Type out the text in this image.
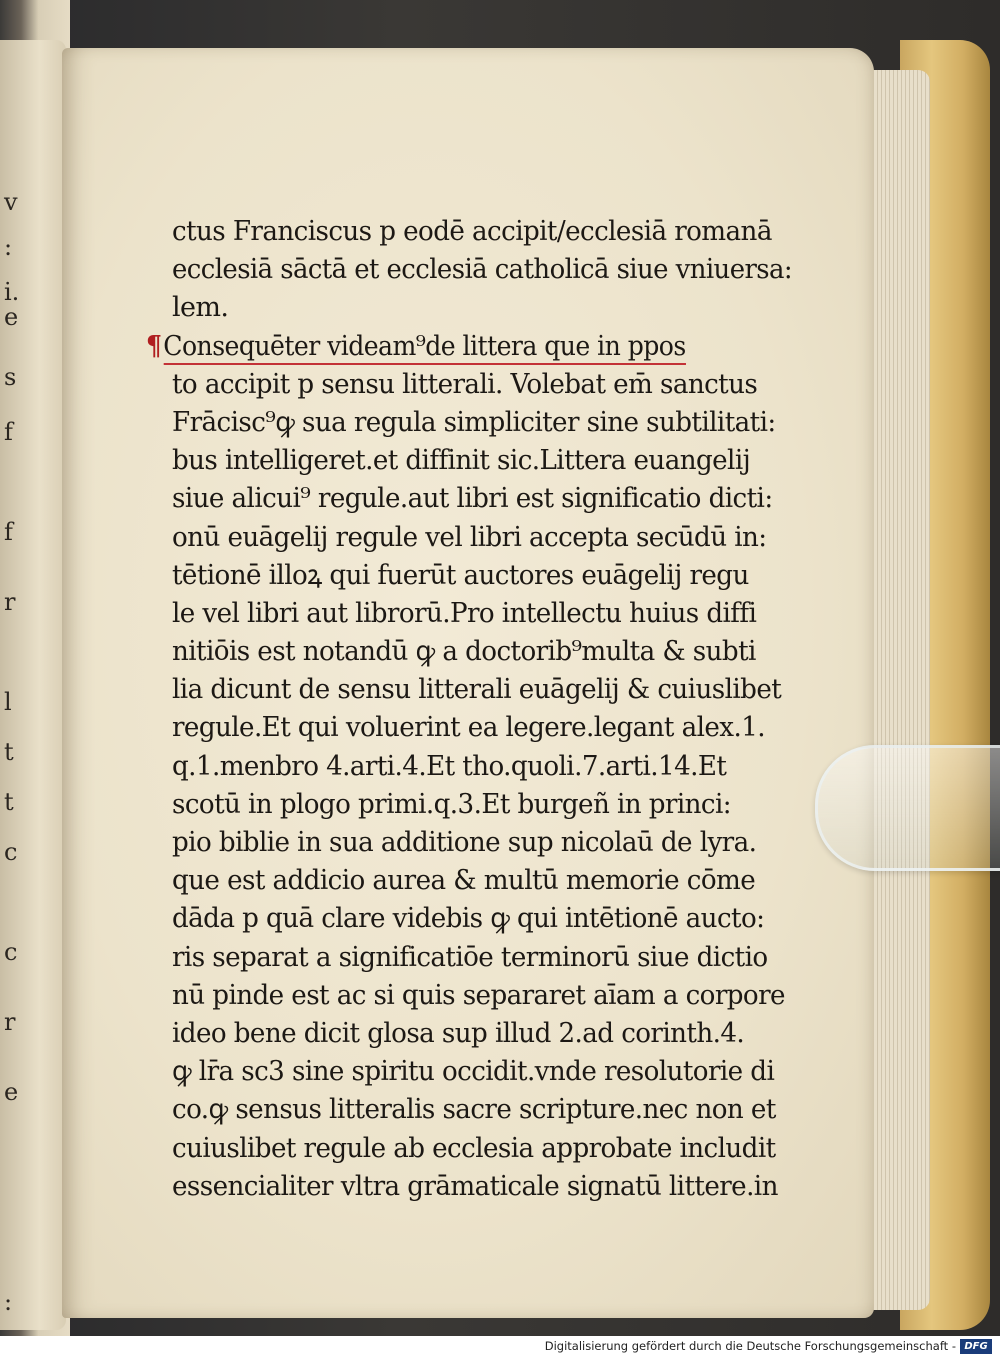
v
:
i.
e
s
f
f
r
l
t
t
c
c
r
e
:
ctus Franciscus p eodē accipit/ecclesiā romanā
ecclesiā sāctā et ecclesiā catholicā siue vniuersa:
lem.
¶Consequēter videam⁹de littera que in ppos
to accipit p sensu litterali. Volebat em̄ sanctus
Frācisc⁹ꝙ sua regula simpliciter sine subtilitati:
bus intelligeret.et diffinit sic.Littera euangelij
siue alicui⁹ regule.aut libri est significatio dicti:
onū euāgelij regule vel libri accepta secūdū in:
tētionē illoꝝ qui fuerūt auctores euāgelij regu
le vel libri aut librorū.Pro intellectu huius diffi
nitiōis est notandū ꝙ a doctorib⁹multa & subti
lia dicunt de sensu litterali euāgelij & cuiuslibet
regule.Et qui voluerint ea legere.legant alex.1.
q.1.menbro 4.arti.4.Et tho.quoli.7.arti.14.Et
scotū in plogo primi.q.3.Et burgeñ in princi:
pio biblie in sua additione sup nicolaū de lyra.
que est addicio aurea & multū memorie cōme
dāda p quā clare videbis ꝙ qui intētionē aucto:
ris separat a significatiōe terminorū siue dictio
nū pinde est ac si quis separaret aīam a corpore
ideo bene dicit glosa sup illud 2.ad corinth.4.
ꝙ lr̄a sc3 sine spiritu occidit.vnde resolutorie di
co.ꝙ sensus litteralis sacre scripture.nec non et
cuiuslibet regule ab ecclesia approbate includit
essencialiter vltra grāmaticale signatū littere.in
Digitalisierung gefördert durch die Deutsche Forschungsgemeinschaft - DFG
